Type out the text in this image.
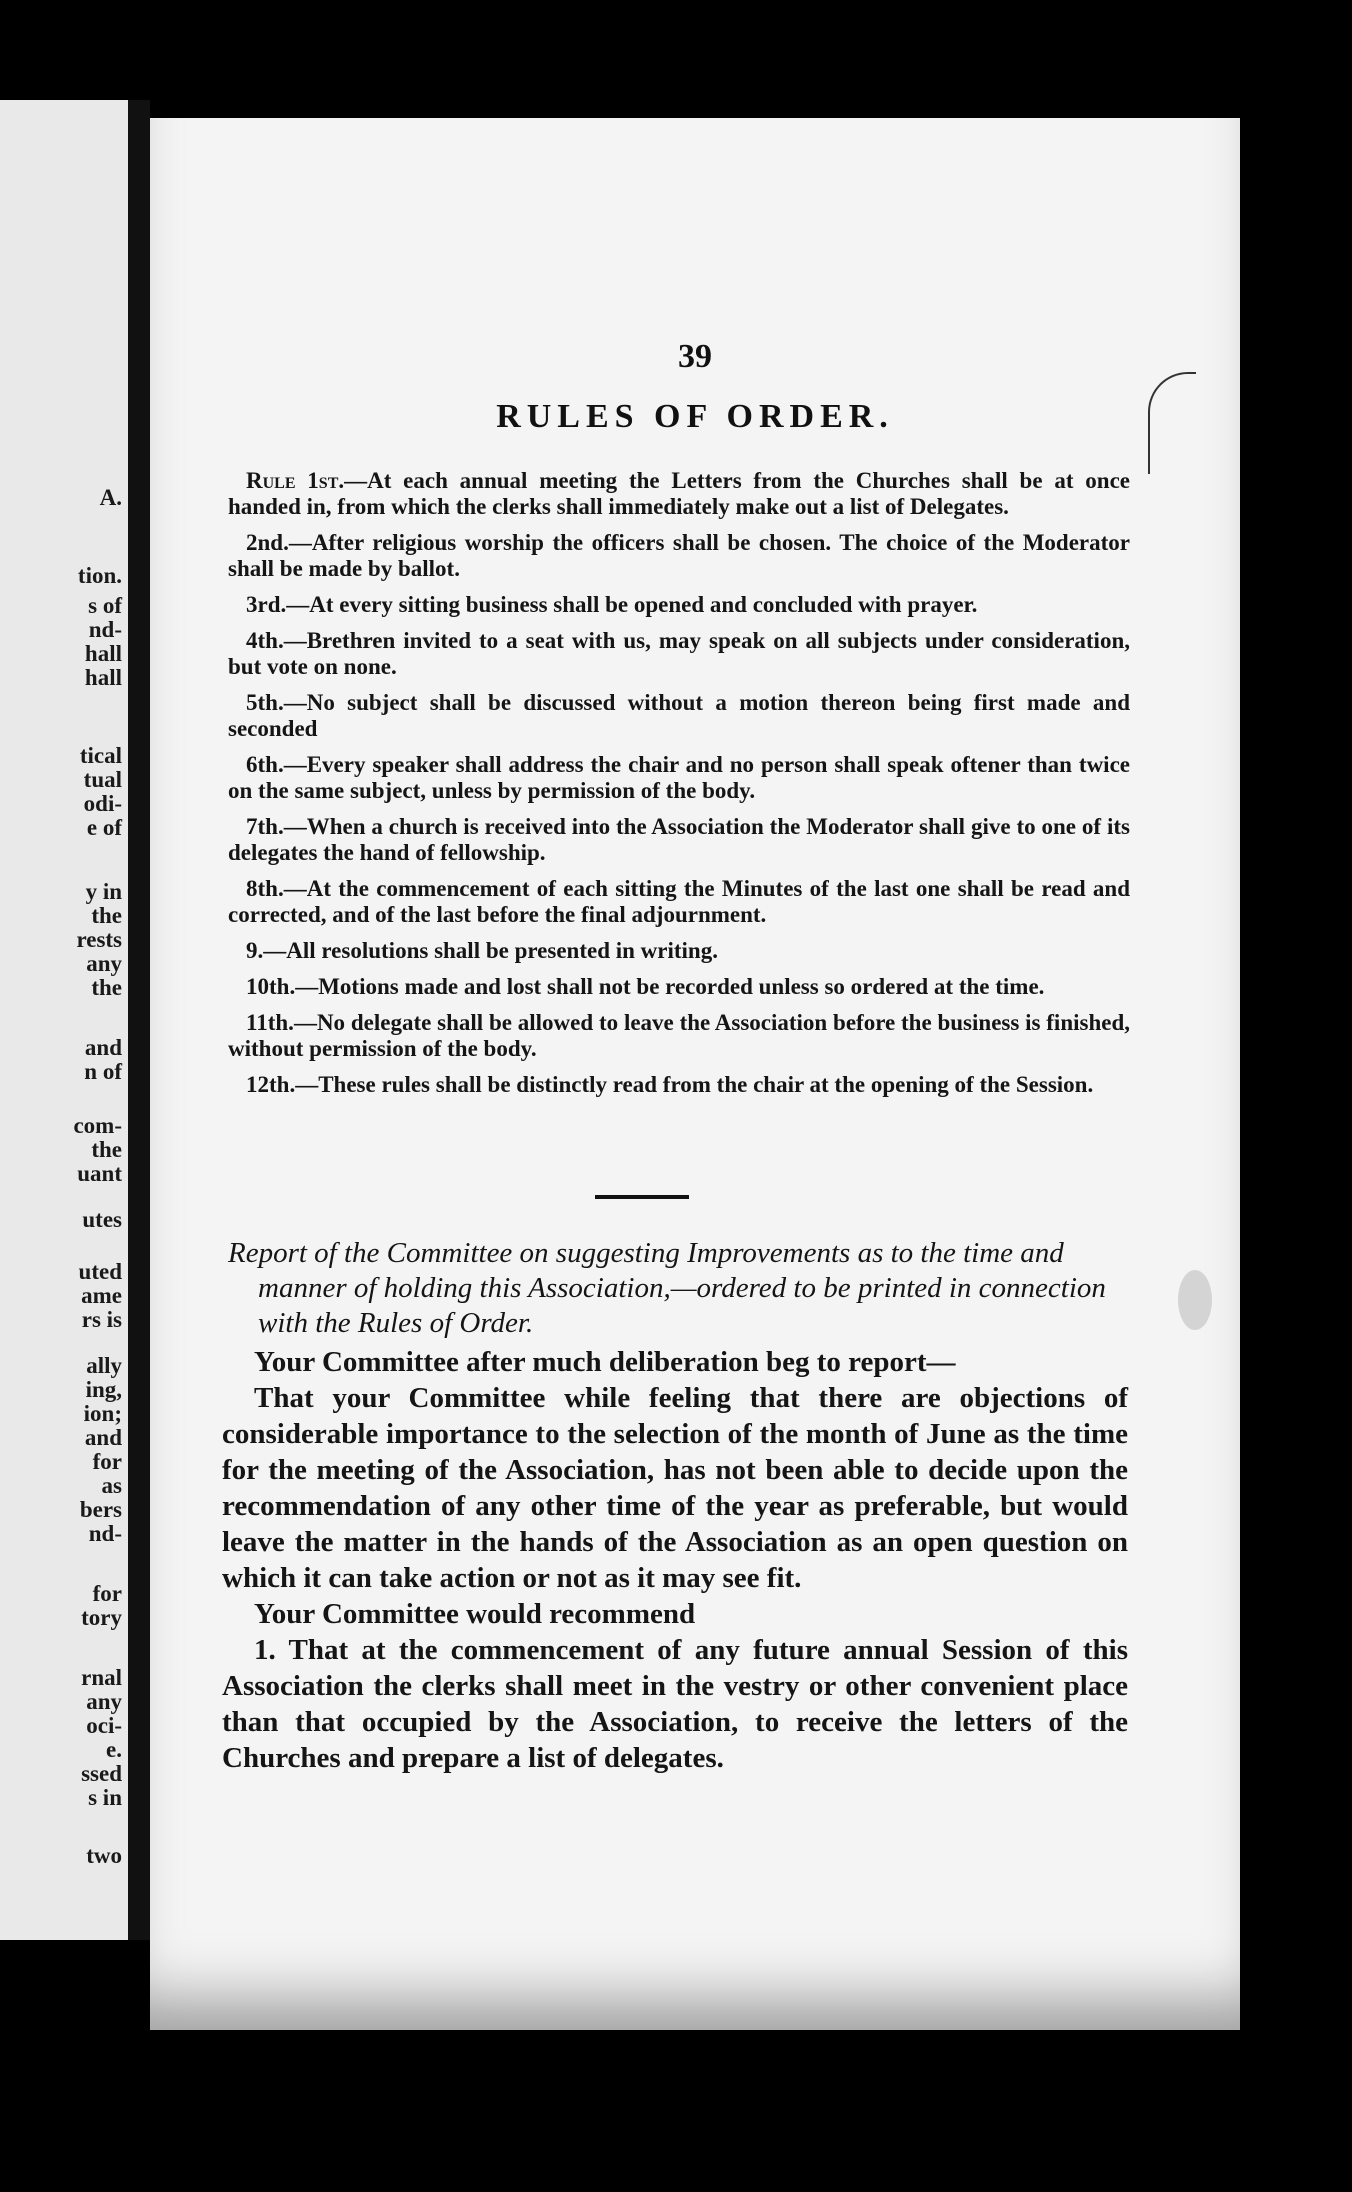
A.
tion.
s of
nd-
hall
hall
tical
tual
odi-
e of
y in
the
rests
any
the
and
n of
com-
the
uant
utes
uted
ame
rs is
ally
ing,
ion;
and
for
as
bers
nd-
for
tory
rnal
any
oci-
e.
ssed
s in
two
39
RULES OF ORDER.

Rule 1st.—At each annual meeting the Letters from the Churches shall be at once handed in, from which the clerks shall immediately make out a list of Delegates.

2nd.—After religious worship the officers shall be chosen. The choice of the Moderator shall be made by ballot.

3rd.—At every sitting business shall be opened and concluded with prayer.

4th.—Brethren invited to a seat with us, may speak on all subjects under consideration, but vote on none.

5th.—No subject shall be discussed without a motion thereon being first made and seconded

6th.—Every speaker shall address the chair and no person shall speak oftener than twice on the same subject, unless by permission of the body.

7th.—When a church is received into the Association the Moderator shall give to one of its delegates the hand of fellowship.

8th.—At the commencement of each sitting the Minutes of the last one shall be read and corrected, and of the last before the final adjournment.

9.—All resolutions shall be presented in writing.

10th.—Motions made and lost shall not be recorded unless so ordered at the time.

11th.—No delegate shall be allowed to leave the Association before the business is finished, without permission of the body.

12th.—These rules shall be distinctly read from the chair at the opening of the Session.

Report of the Committee on suggesting Improvements as to the time and manner of holding this Association,—ordered to be printed in connection with the Rules of Order.

Your Committee after much deliberation beg to report—

That your Committee while feeling that there are objections of considerable importance to the selection of the month of June as the time for the meeting of the Association, has not been able to decide upon the recommendation of any other time of the year as preferable, but would leave the matter in the hands of the Association as an open question on which it can take action or not as it may see fit.

Your Committee would recommend

1. That at the commencement of any future annual Session of this Association the clerks shall meet in the vestry or other convenient place than that occupied by the Association, to receive the letters of the Churches and prepare a list of delegates.
